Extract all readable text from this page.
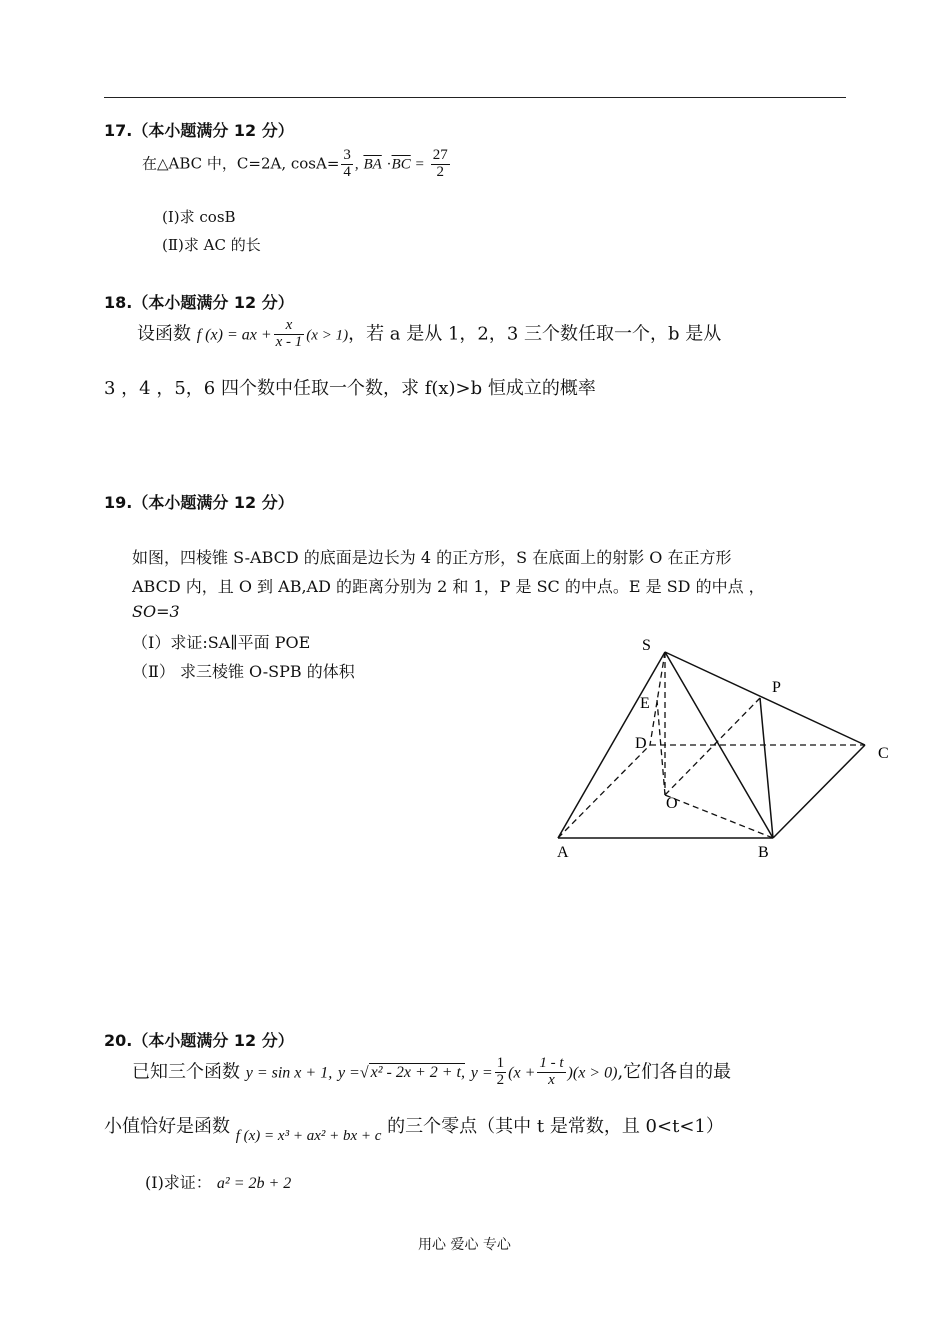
17.（本小题满分 12 分）
在△ABC 中，C=2A, $\cos A= \frac{3}{4}$ , $\overline{BA} \cdot\overline{BC} = \frac{27}{2}$
(Ⅰ)求 cosB
(Ⅱ)求 AC 的长
18.（本小题满分 12 分）
设函数 f (x) = ax + $\frac{x}{x - 1} (x > 1)$，若 a 是从 1，2，3 三个数任取一个，b 是从
3 ，4 ，5，6 四个数中任取一个数，求 f(x)>b 恒成立的概率
19.（本小题满分 12 分）
如图，四棱锥 S-ABCD 的底面是边长为 4 的正方形，S 在底面上的射影 O 在正方形
ABCD 内，且 O 到 AB,AD 的距离分别为 2 和 1，P 是 SC 的中点。E 是 SD 的中点 ，
SO=3
（Ⅰ）求证:SA∥平面 POE
（Ⅱ） 求三棱锥 O-SPB 的体积
S
P
E
D
C
O
A	B
20.（本小题满分 12 分）
已知三个函数 y = sin x + 1, y =√ x² - 2x + 2 + t, $y = \frac{1}{2} (x + \frac{1 - t}{x} )(x > 0)$,它们各自的最
小值恰好是函数 $_{f (x) = x^3 + ax^2 + bx + c}$ 的三个零点（其中 t 是常数，且 0<t<1）
(Ⅰ)求证： a² = 2b + 2
用心 爱心 专心
